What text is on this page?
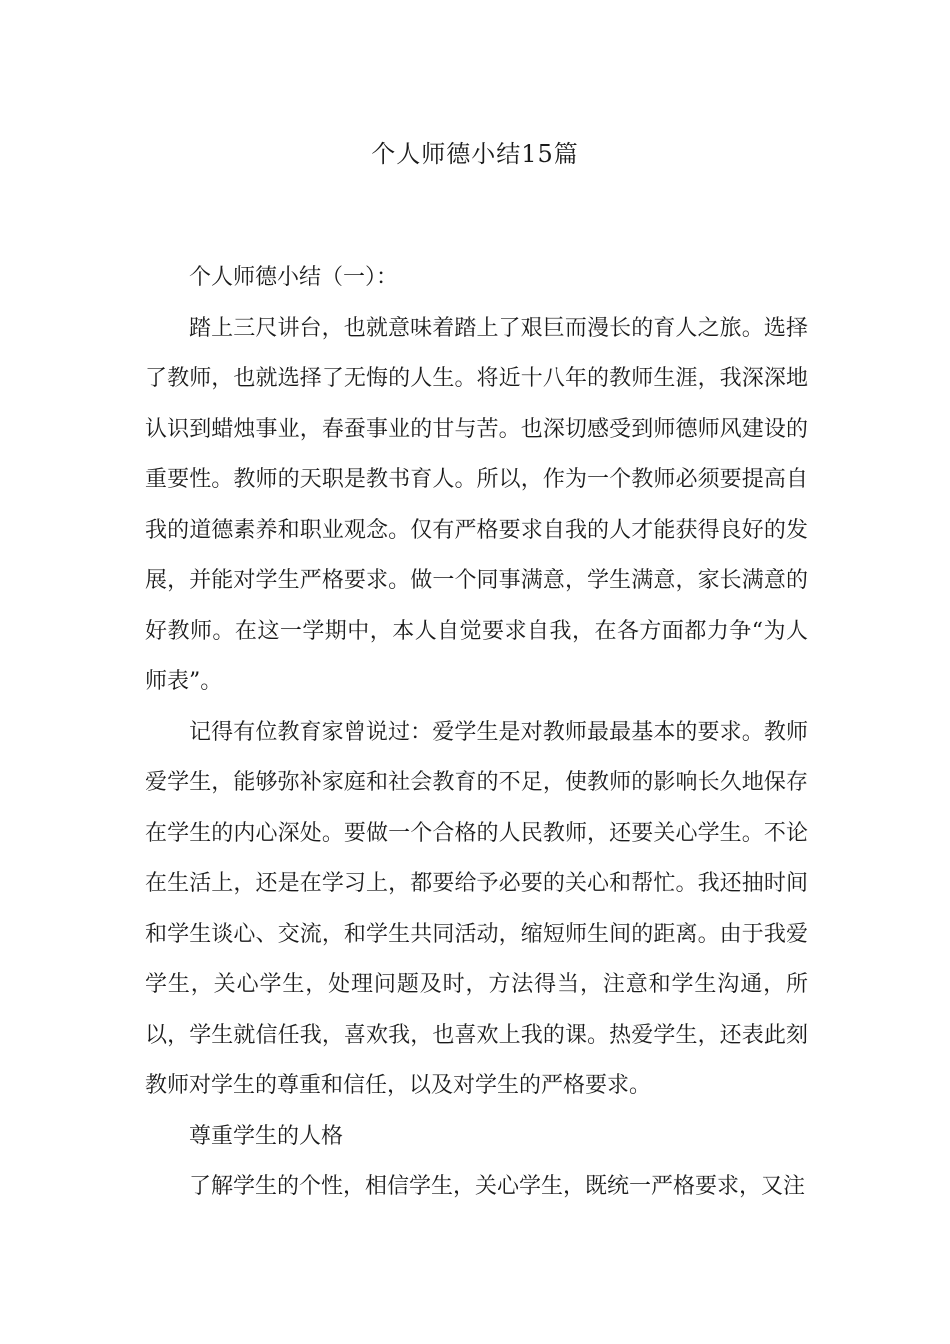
个人师德小结15篇

个人师德小结（一）：

踏上三尺讲台，也就意味着踏上了艰巨而漫长的育人之旅。选择了教师，也就选择了无悔的人生。将近十八年的教师生涯，我深深地认识到蜡烛事业，春蚕事业的甘与苦。也深切感受到师德师风建设的重要性。教师的天职是教书育人。所以，作为一个教师必须要提高自我的道德素养和职业观念。仅有严格要求自我的人才能获得良好的发展，并能对学生严格要求。做一个同事满意，学生满意，家长满意的好教师。在这一学期中，本人自觉要求自我，在各方面都力争“为人师表”。

记得有位教育家曾说过：爱学生是对教师最最基本的要求。教师爱学生，能够弥补家庭和社会教育的不足，使教师的影响长久地保存在学生的内心深处。要做一个合格的人民教师，还要关心学生。不论在生活上，还是在学习上，都要给予必要的关心和帮忙。我还抽时间和学生谈心、交流，和学生共同活动，缩短师生间的距离。由于我爱学生，关心学生，处理问题及时，方法得当，注意和学生沟通，所以，学生就信任我，喜欢我，也喜欢上我的课。热爱学生，还表此刻教师对学生的尊重和信任，以及对学生的严格要求。

尊重学生的人格

了解学生的个性，相信学生，关心学生，既统一严格要求，又注
